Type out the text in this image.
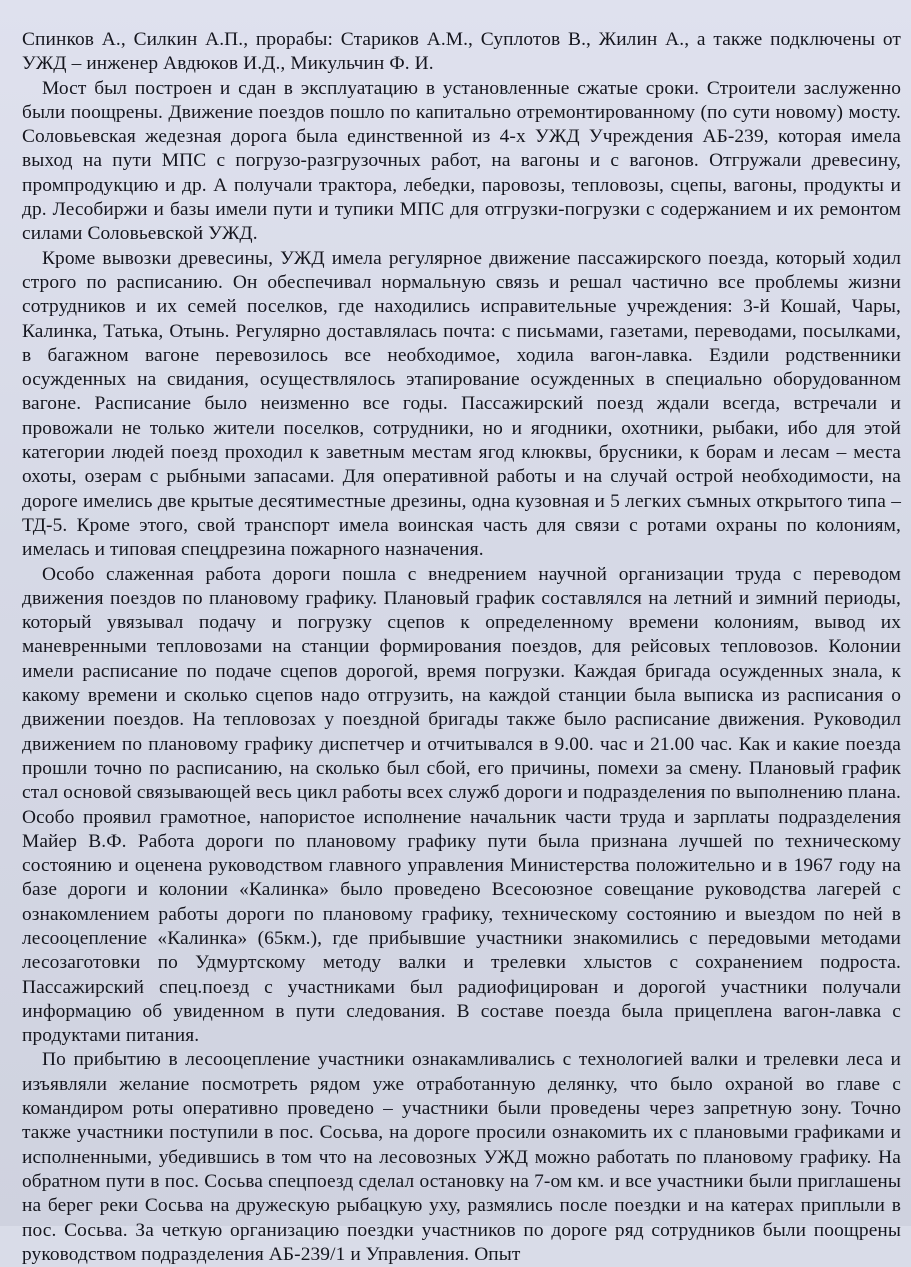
Спинков А., Силкин А.П., прорабы: Стариков А.М., Суплотов В., Жилин А., а также подключены от УЖД – инженер Авдюков И.Д., Микульчин Ф. И.

Мост был построен и сдан в эксплуатацию в установленные сжатые сроки. Строители заслуженно были поощрены. Движение поездов пошло по капитально отремонтированному (по сути новому) мосту. Соловьевская жедезная дорога была единственной из 4-х УЖД Учреждения АБ-239, которая имела выход на пути МПС с погрузо-разгрузочных работ, на вагоны и с вагонов. Отгружали древесину, промпродукцию и др. А получали трактора, лебедки, паровозы, тепловозы, сцепы, вагоны, продукты и др. Лесобиржи и базы имели пути и тупики МПС для отгрузки-погрузки с содержанием и их ремонтом силами Соловьевской УЖД.

Кроме вывозки древесины, УЖД имела регулярное движение пассажирского поезда, который ходил строго по расписанию. Он обеспечивал нормальную связь и решал частично все проблемы жизни сотрудников и их семей поселков, где находились исправительные учреждения: 3-й Кошай, Чары, Калинка, Татька, Отынь. Регулярно доставлялась почта: с письмами, газетами, переводами, посылками, в багажном вагоне перевозилось все необходимое, ходила вагон-лавка. Ездили родственники осужденных на свидания, осуществлялось этапирование осужденных в специально оборудованном вагоне. Расписание было неизменно все годы. Пассажирский поезд ждали всегда, встречали и провожали не только жители поселков, сотрудники, но и ягодники, охотники, рыбаки, ибо для этой категории людей поезд проходил к заветным местам ягод клюквы, брусники, к борам и лесам – места охоты, озерам с рыбными запасами. Для оперативной работы и на случай острой необходимости, на дороге имелись две крытые десятиместные дрезины, одна кузовная и 5 легких съмных открытого типа – ТД-5. Кроме этого, свой транспорт имела воинская часть для связи с ротами охраны по колониям, имелась и типовая спецдрезина пожарного назначения.

Особо слаженная работа дороги пошла с внедрением научной организации труда с переводом движения поездов по плановому графику. Плановый график составлялся на летний и зимний периоды, который увязывал подачу и погрузку сцепов к определенному времени колониям, вывод их маневренными тепловозами на станции формирования поездов, для рейсовых тепловозов. Колонии имели расписание по подаче сцепов дорогой, время погрузки. Каждая бригада осужденных знала, к какому времени и сколько сцепов надо отгрузить, на каждой станции была выписка из расписания о движении поездов. На тепловозах у поездной бригады также было расписание движения. Руководил движением по плановому графику диспетчер и отчитывался в 9.00. час и 21.00 час. Как и какие поезда прошли точно по расписанию, на сколько был сбой, его причины, помехи за смену. Плановый график стал основой связывающей весь цикл работы всех служб дороги и подразделения по выполнению плана. Особо проявил грамотное, напористое исполнение начальник части труда и зарплаты подразделения Майер В.Ф. Работа дороги по плановому графику пути была признана лучшей по техническому состоянию и оценена руководством главного управления Министерства положительно и в 1967 году на базе дороги и колонии «Калинка» было проведено Всесоюзное совещание руководства лагерей с ознакомлением работы дороги по плановому графику, техническому состоянию и выездом по ней в лесооцепление «Калинка» (65км.), где прибывшие участники знакомились с передовыми методами лесозаготовки по Удмуртскому методу валки и трелевки хлыстов с сохранением подроста. Пассажирский спец.поезд с участниками был радиофицирован и дорогой участники получали информацию об увиденном в пути следования. В составе поезда была прицеплена вагон-лавка с продуктами питания.

По прибытию в лесооцепление участники ознакамливались с технологией валки и трелевки леса и изъявляли желание посмотреть рядом уже отработанную делянку, что было охраной во главе с командиром роты оперативно проведено – участники были проведены через запретную зону. Точно также участники поступили в пос. Сосьва, на дороге просили ознакомить их с плановыми графиками и исполненными, убедившись в том что на лесовозных УЖД можно работать по плановому графику. На обратном пути в пос. Сосьва спецпоезд сделал остановку на 7-ом км. и все участники были приглашены на берег реки Сосьва на дружескую рыбацкую уху, размялись после поездки и на катерах приплыли в пос. Сосьва. За четкую организацию поездки участников по дороге ряд сотрудников были поощрены руководством подразделения АБ-239/1 и Управления. Опыт
